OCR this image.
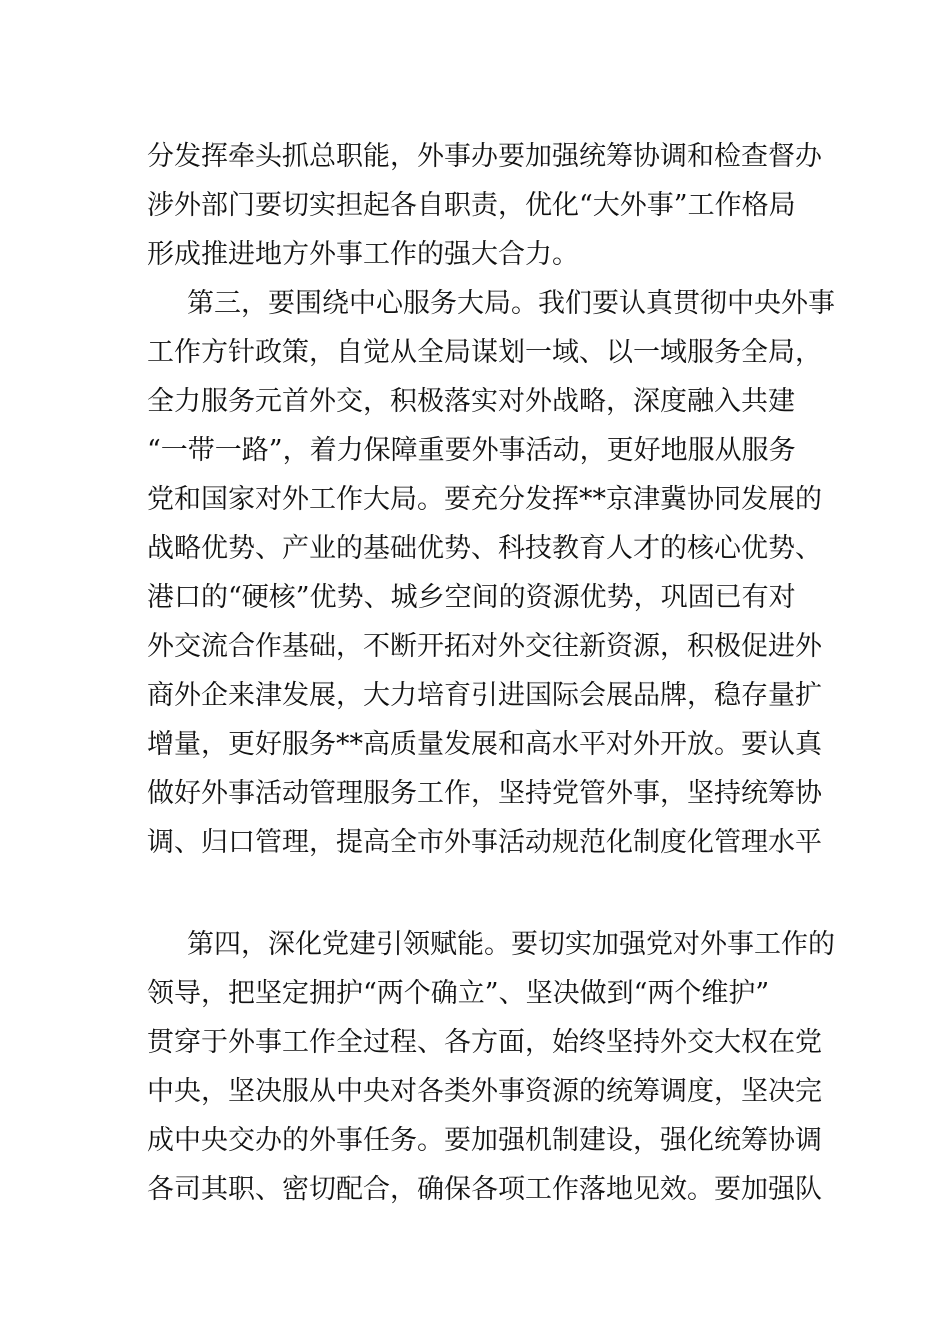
分发挥牵头抓总职能，外事办要加强统筹协调和检查督办

涉外部门要切实担起各自职责，优化“大外事”工作格局

形成推进地方外事工作的强大合力。

第三，要围绕中心服务大局。我们要认真贯彻中央外事

工作方针政策，自觉从全局谋划一域、以一域服务全局，

全力服务元首外交，积极落实对外战略，深度融入共建

“一带一路”，着力保障重要外事活动，更好地服从服务

党和国家对外工作大局。要充分发挥**京津冀协同发展的

战略优势、产业的基础优势、科技教育人才的核心优势、

港口的“硬核”优势、城乡空间的资源优势，巩固已有对

外交流合作基础，不断开拓对外交往新资源，积极促进外

商外企来津发展，大力培育引进国际会展品牌，稳存量扩

增量，更好服务**高质量发展和高水平对外开放。要认真

做好外事活动管理服务工作，坚持党管外事，坚持统筹协

调、归口管理，提高全市外事活动规范化制度化管理水平

第四，深化党建引领赋能。要切实加强党对外事工作的

领导，把坚定拥护“两个确立”、坚决做到“两个维护”

贯穿于外事工作全过程、各方面，始终坚持外交大权在党

中央，坚决服从中央对各类外事资源的统筹调度，坚决完

成中央交办的外事任务。要加强机制建设，强化统筹协调

各司其职、密切配合，确保各项工作落地见效。要加强队
